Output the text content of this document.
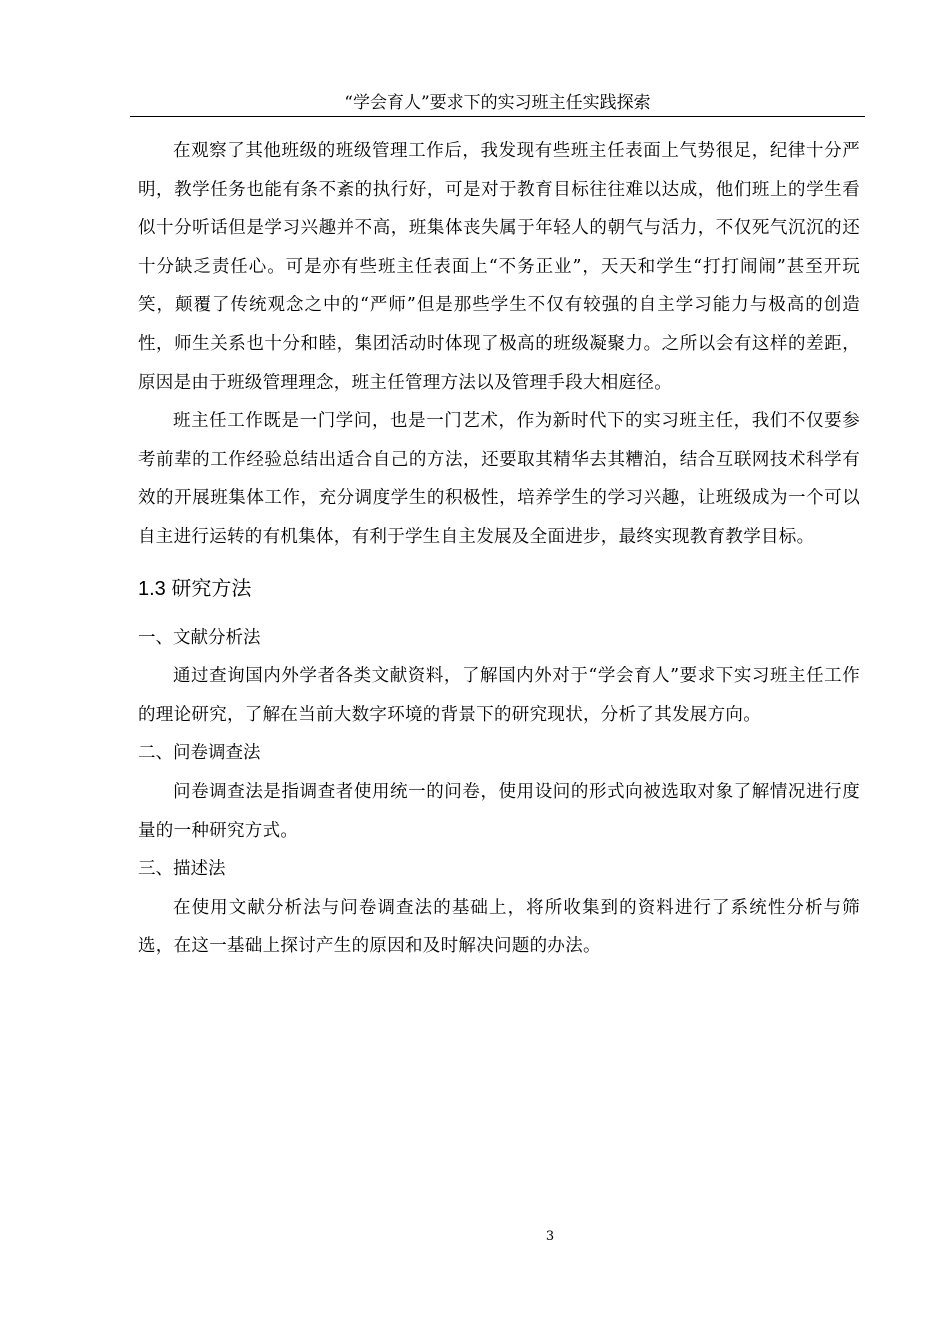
“学会育人”要求下的实习班主任实践探索

在观察了其他班级的班级管理工作后，我发现有些班主任表面上气势很足，纪律十分严明，教学任务也能有条不紊的执行好，可是对于教育目标往往难以达成，他们班上的学生看似十分听话但是学习兴趣并不高，班集体丧失属于年轻人的朝气与活力，不仅死气沉沉的还十分缺乏责任心。可是亦有些班主任表面上“不务正业”，天天和学生“打打闹闹”甚至开玩笑，颠覆了传统观念之中的“严师”但是那些学生不仅有较强的自主学习能力与极高的创造性，师生关系也十分和睦，集团活动时体现了极高的班级凝聚力。之所以会有这样的差距，原因是由于班级管理理念，班主任管理方法以及管理手段大相庭径。

班主任工作既是一门学问，也是一门艺术，作为新时代下的实习班主任，我们不仅要参考前辈的工作经验总结出适合自己的方法，还要取其精华去其糟泊，结合互联网技术科学有效的开展班集体工作，充分调度学生的积极性，培养学生的学习兴趣，让班级成为一个可以自主进行运转的有机集体，有利于学生自主发展及全面进步，最终实现教育教学目标。

1.3 研究方法

一、文献分析法

通过查询国内外学者各类文献资料，了解国内外对于“学会育人”要求下实习班主任工作的理论研究，了解在当前大数字环境的背景下的研究现状，分析了其发展方向。

二、问卷调查法

问卷调查法是指调查者使用统一的问卷，使用设问的形式向被选取对象了解情况进行度量的一种研究方式。

三、描述法

在使用文献分析法与问卷调查法的基础上，将所收集到的资料进行了系统性分析与筛选，在这一基础上探讨产生的原因和及时解决问题的办法。

3
